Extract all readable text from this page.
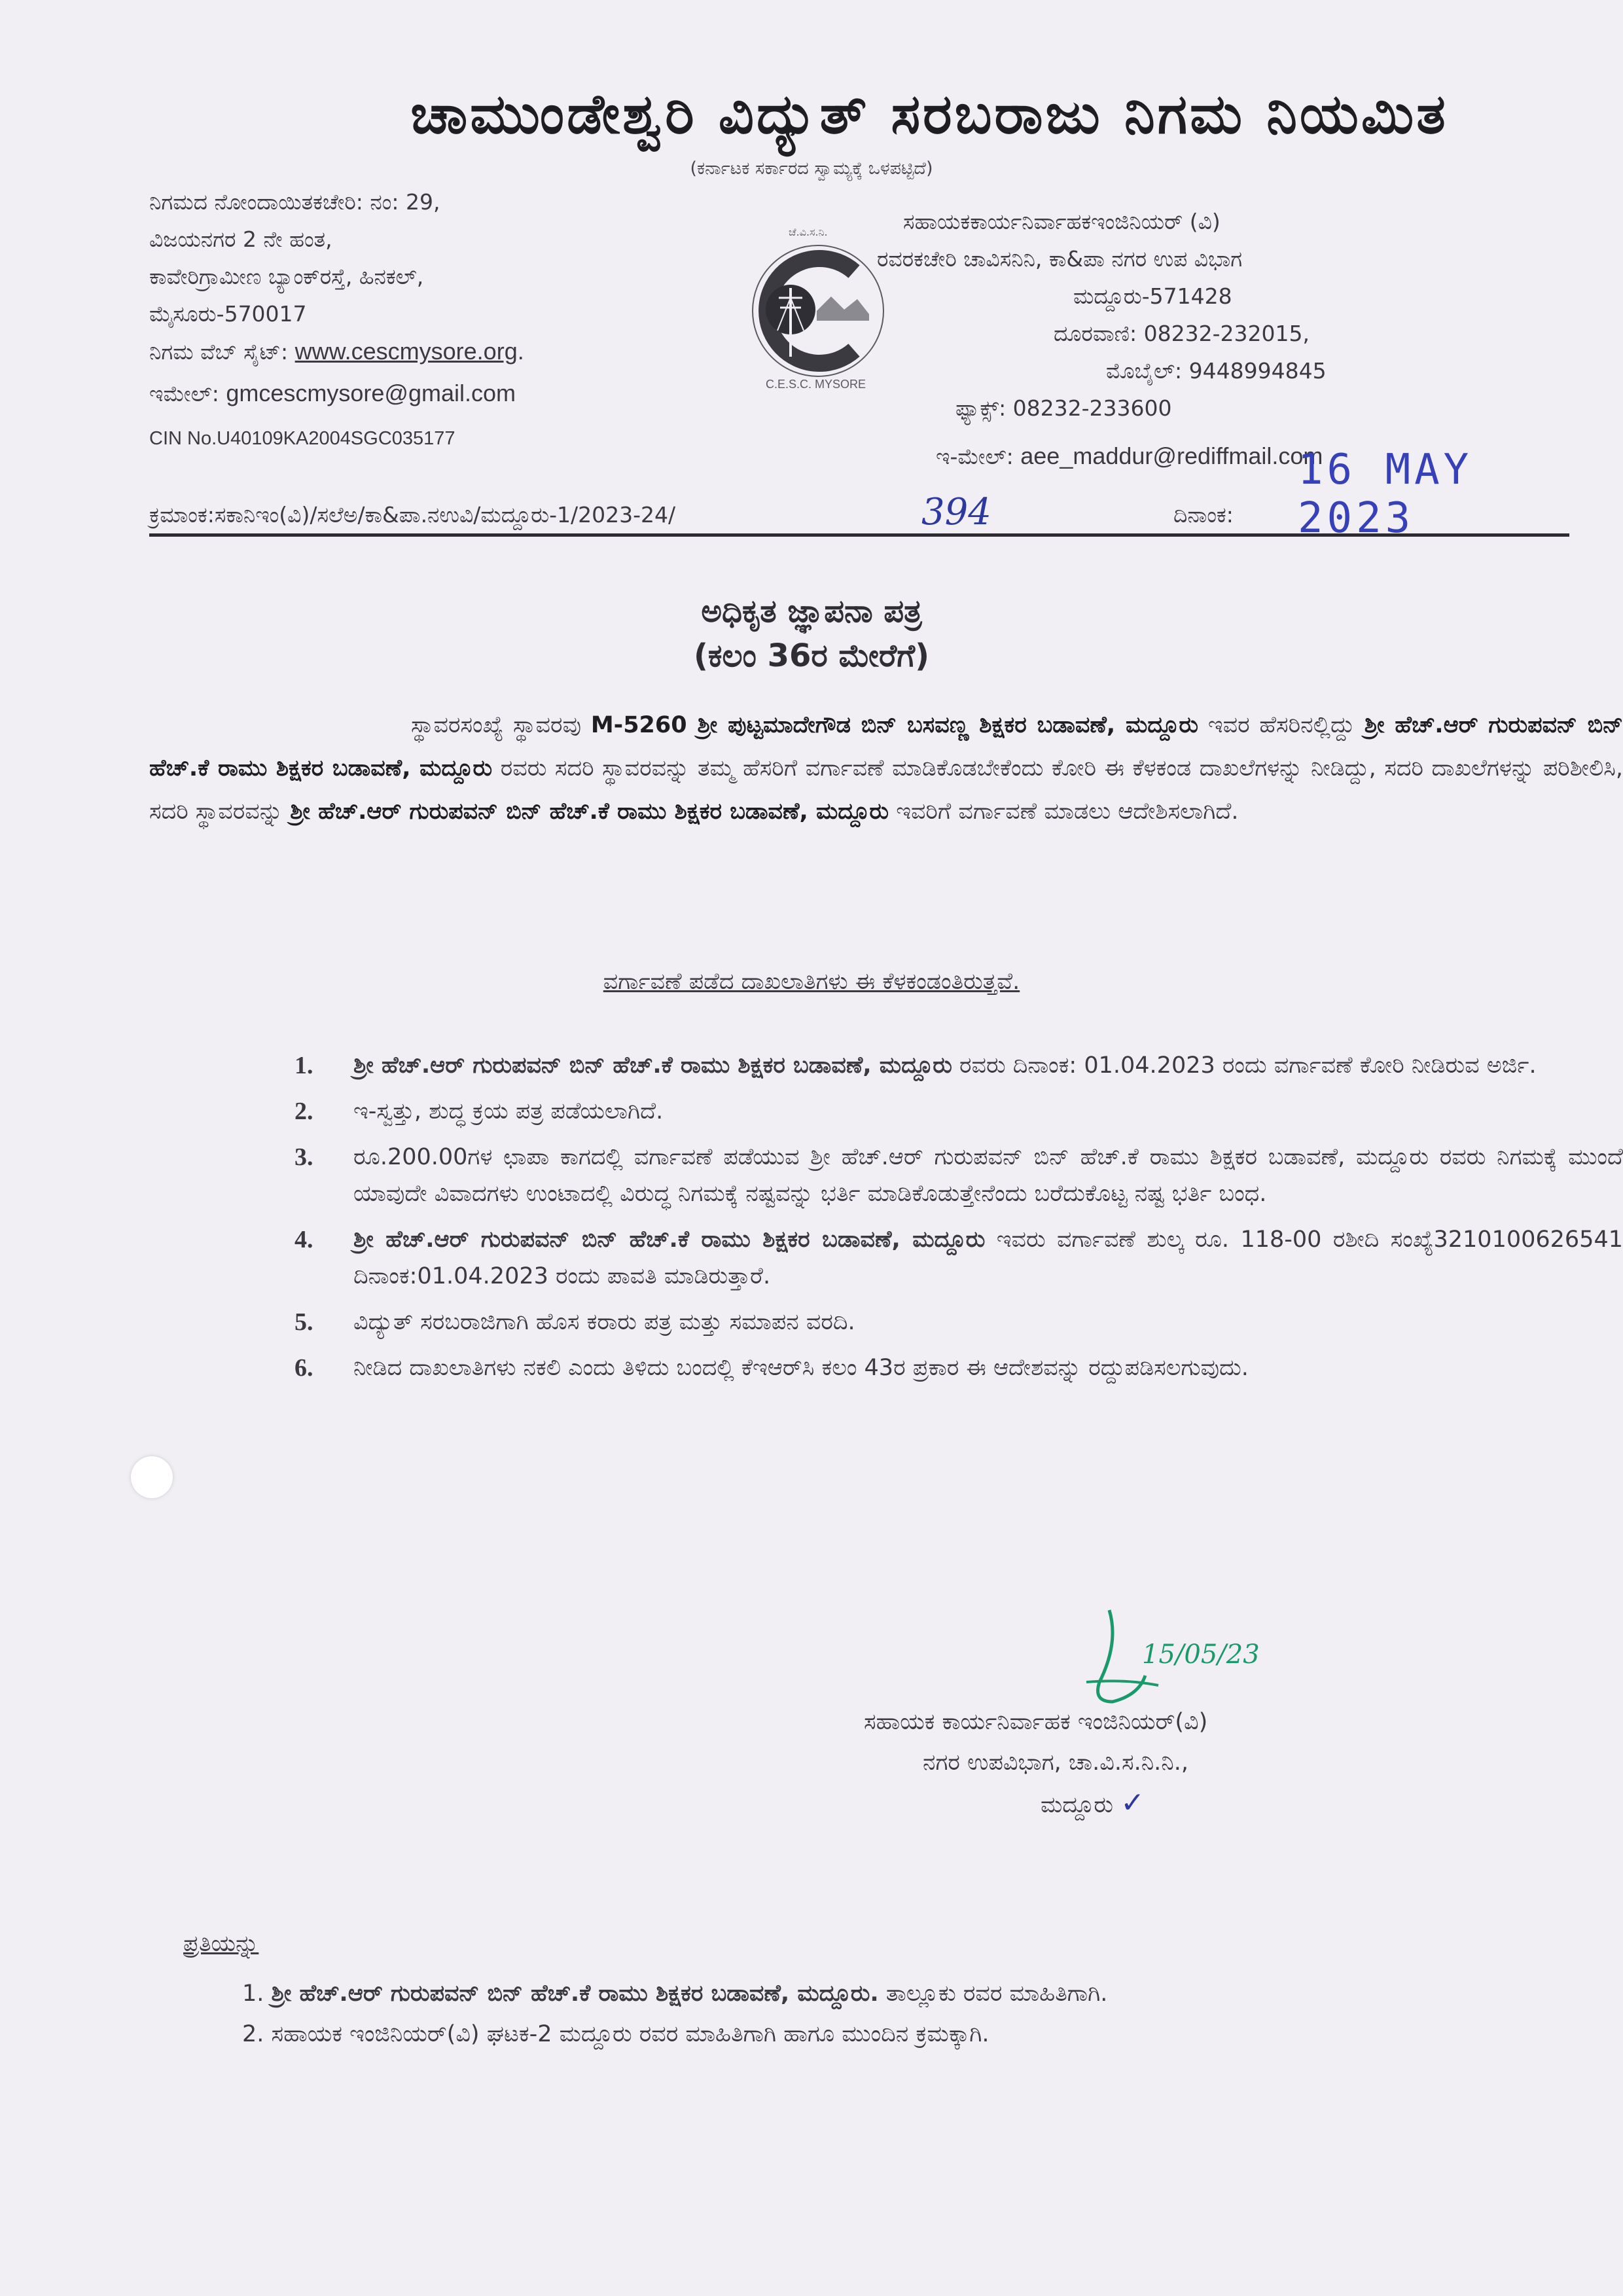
ಚಾಮುಂಡೇಶ್ವರಿ ವಿದ್ಯುತ್ ಸರಬರಾಜು ನಿಗಮ ನಿಯಮಿತ
(ಕರ್ನಾಟಕ ಸರ್ಕಾರದ ಸ್ವಾಮ್ಯಕ್ಕೆ ಒಳಪಟ್ಟಿದೆ)
ನಿಗಮದ ನೋಂದಾಯಿತಕಚೇರಿ: ನಂ: 29,
ವಿಜಯನಗರ 2 ನೇ ಹಂತ,
ಕಾವೇರಿಗ್ರಾಮೀಣ ಬ್ಯಾಂಕ್‌ರಸ್ತೆ, ಹಿನಕಲ್,
ಮೈಸೂರು-570017
ನಿಗಮ ವೆಬ್ ಸೈಟ್: www.cescmysore.org.
ಇಮೇಲ್: gmcescmysore@gmail.com
CIN No.U40109KA2004SGC035177
C.E.S.C. MYSORE
ಚೆ.ವಿ.ಸ.ನಿ.	ಸಹಾಯಕಕಾರ್ಯನಿರ್ವಾಹಕಇಂಜಿನಿಯರ್ (ವಿ)
ರವರಕಚೇರಿ ಚಾವಿಸನಿನಿ, ಕಾ&ಪಾ ನಗರ ಉಪ ವಿಭಾಗ
ಮದ್ದೂರು-571428
ದೂರವಾಣಿ: 08232-232015,
ಮೊಬೈಲ್: 9448994845
ಫ್ಯಾಕ್ಸ್: 08232-233600
ಇ-ಮೇಲ್: aee_maddur@rediffmail.com
ಕ್ರಮಾಂಕ:ಸಕಾನಿಇಂ(ವಿ)/ಸಲೆಅ/ಕಾ&ಪಾ.ನಉವಿ/ಮದ್ದೂರು-1/2023-24/	394	ದಿನಾಂಕ:
16 MAY 2023
ಅಧಿಕೃತ ಜ್ಞಾಪನಾ ಪತ್ರ
(ಕಲಂ 36ರ ಮೇರೆಗೆ)
ಸ್ಥಾವರಸಂಖ್ಯೆ ಸ್ಥಾವರವು M-5260 ಶ್ರೀ ಪುಟ್ಟಮಾದೇಗೌಡ ಬಿನ್ ಬಸವಣ್ಣ ಶಿಕ್ಷಕರ ಬಡಾವಣೆ, ಮದ್ದೂರು ಇವರ ಹೆಸರಿನಲ್ಲಿದ್ದು ಶ್ರೀ ಹೆಚ್.ಆರ್ ಗುರುಪವನ್ ಬಿನ್ ಹೆಚ್.ಕೆ ರಾಮು ಶಿಕ್ಷಕರ ಬಡಾವಣೆ, ಮದ್ದೂರು ರವರು ಸದರಿ ಸ್ಥಾವರವನ್ನು ತಮ್ಮ ಹೆಸರಿಗೆ ವರ್ಗಾವಣೆ ಮಾಡಿಕೊಡಬೇಕೆಂದು ಕೋರಿ ಈ ಕೆಳಕಂಡ ದಾಖಲೆಗಳನ್ನು ನೀಡಿದ್ದು, ಸದರಿ ದಾಖಲೆಗಳನ್ನು ಪರಿಶೀಲಿಸಿ, ಸದರಿ ಸ್ಥಾವರವನ್ನು ಶ್ರೀ ಹೆಚ್.ಆರ್ ಗುರುಪವನ್ ಬಿನ್ ಹೆಚ್.ಕೆ ರಾಮು ಶಿಕ್ಷಕರ ಬಡಾವಣೆ, ಮದ್ದೂರು ಇವರಿಗೆ ವರ್ಗಾವಣೆ ಮಾಡಲು ಆದೇಶಿಸಲಾಗಿದೆ.
ವರ್ಗಾವಣೆ ಪಡೆದ ದಾಖಲಾತಿಗಳು ಈ ಕೆಳಕಂಡಂತಿರುತ್ತವೆ.
1. ಶ್ರೀ ಹೆಚ್.ಆರ್ ಗುರುಪವನ್ ಬಿನ್ ಹೆಚ್.ಕೆ ರಾಮು ಶಿಕ್ಷಕರ ಬಡಾವಣೆ, ಮದ್ದೂರು ರವರು ದಿನಾಂಕ: 01.04.2023 ರಂದು ವರ್ಗಾವಣೆ ಕೋರಿ ನೀಡಿರುವ ಅರ್ಜಿ.
2. ಇ-ಸ್ವತ್ತು, ಶುದ್ಧ ಕ್ರಯ ಪತ್ರ ಪಡೆಯಲಾಗಿದೆ.
3. ರೂ.200.00ಗಳ ಛಾಪಾ ಕಾಗದಲ್ಲಿ ವರ್ಗಾವಣೆ ಪಡೆಯುವ ಶ್ರೀ ಹೆಚ್.ಆರ್ ಗುರುಪವನ್ ಬಿನ್ ಹೆಚ್.ಕೆ ರಾಮು ಶಿಕ್ಷಕರ ಬಡಾವಣೆ, ಮದ್ದೂರು ರವರು ನಿಗಮಕ್ಕೆ ಮುಂದೆ ಯಾವುದೇ ವಿವಾದಗಳು ಉಂಟಾದಲ್ಲಿ ವಿರುದ್ಧ ನಿಗಮಕ್ಕೆ ನಷ್ಟವನ್ನು ಭರ್ತಿ ಮಾಡಿಕೊಡುತ್ತೇನೆಂದು ಬರೆದುಕೊಟ್ಟ ನಷ್ಟ ಭರ್ತಿ ಬಂಧ.
4. ಶ್ರೀ ಹೆಚ್.ಆರ್ ಗುರುಪವನ್ ಬಿನ್ ಹೆಚ್.ಕೆ ರಾಮು ಶಿಕ್ಷಕರ ಬಡಾವಣೆ, ಮದ್ದೂರು ಇವರು ವರ್ಗಾವಣೆ ಶುಲ್ಕ ರೂ. 118-00 ರಶೀದಿ ಸಂಖ್ಯೆ3210100626541 ದಿನಾಂಕ:01.04.2023 ರಂದು ಪಾವತಿ ಮಾಡಿರುತ್ತಾರೆ.
5. ವಿದ್ಯುತ್ ಸರಬರಾಜಿಗಾಗಿ ಹೊಸ ಕರಾರು ಪತ್ರ ಮತ್ತು ಸಮಾಪನ ವರದಿ.
6. ನೀಡಿದ ದಾಖಲಾತಿಗಳು ನಕಲಿ ಎಂದು ತಿಳಿದು ಬಂದಲ್ಲಿ ಕೆಇಆರ್‌ಸಿ ಕಲಂ 43ರ ಪ್ರಕಾರ ಈ ಆದೇಶವನ್ನು ರದ್ದುಪಡಿಸಲಗುವುದು.
15/05/23
ಸಹಾಯಕ ಕಾರ್ಯನಿರ್ವಾಹಕ ಇಂಜಿನಿಯರ್(ವಿ)
ನಗರ ಉಪವಿಭಾಗ, ಚಾ.ವಿ.ಸ.ನಿ.ನಿ.,
ಮದ್ದೂರು ✓
ಪ್ರತಿಯನ್ನು
1. ಶ್ರೀ ಹೆಚ್.ಆರ್ ಗುರುಪವನ್ ಬಿನ್ ಹೆಚ್.ಕೆ ರಾಮು ಶಿಕ್ಷಕರ ಬಡಾವಣೆ, ಮದ್ದೂರು. ತಾಲ್ಲೂಕು ರವರ ಮಾಹಿತಿಗಾಗಿ.
2. ಸಹಾಯಕ ಇಂಜಿನಿಯರ್(ವಿ) ಘಟಕ-2 ಮದ್ದೂರು ರವರ ಮಾಹಿತಿಗಾಗಿ ಹಾಗೂ ಮುಂದಿನ ಕ್ರಮಕ್ಕಾಗಿ.
